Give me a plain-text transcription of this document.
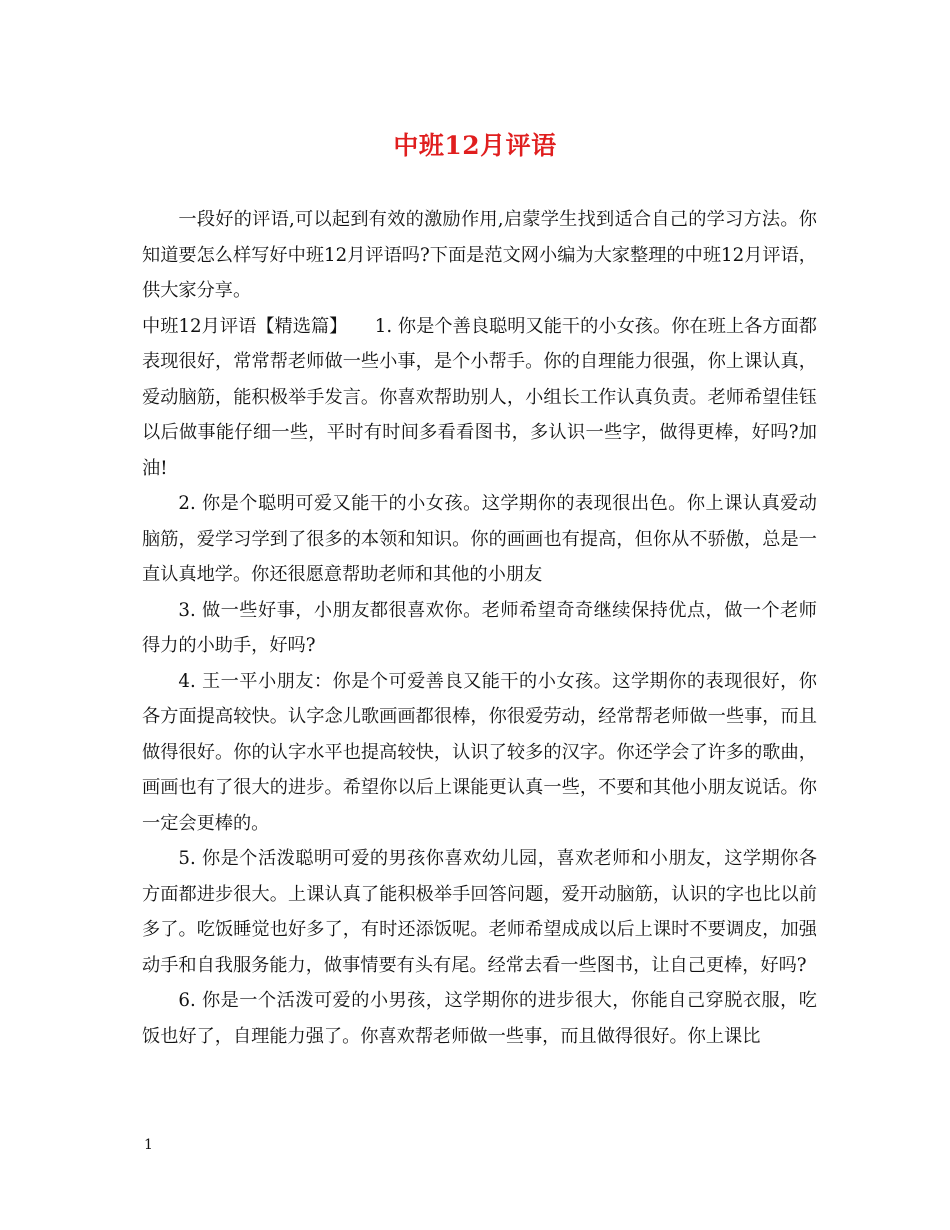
中班12月评语

一段好的评语,可以起到有效的激励作用,启蒙学生找到适合自己的学习方法。你知道要怎么样写好中班12月评语吗?下面是范文网小编为大家整理的中班12月评语，供大家分享。

中班12月评语【精选篇】　　1. 你是个善良聪明又能干的小女孩。你在班上各方面都表现很好，常常帮老师做一些小事，是个小帮手。你的自理能力很强，你上课认真，爱动脑筋，能积极举手发言。你喜欢帮助别人，小组长工作认真负责。老师希望佳钰以后做事能仔细一些，平时有时间多看看图书，多认识一些字，做得更棒，好吗?加油!

2. 你是个聪明可爱又能干的小女孩。这学期你的表现很出色。你上课认真爱动脑筋，爱学习学到了很多的本领和知识。你的画画也有提高，但你从不骄傲，总是一直认真地学。你还很愿意帮助老师和其他的小朋友

3. 做一些好事，小朋友都很喜欢你。老师希望奇奇继续保持优点，做一个老师得力的小助手，好吗?

4. 王一平小朋友：你是个可爱善良又能干的小女孩。这学期你的表现很好，你各方面提高较快。认字念儿歌画画都很棒，你很爱劳动，经常帮老师做一些事，而且做得很好。你的认字水平也提高较快，认识了较多的汉字。你还学会了许多的歌曲，画画也有了很大的进步。希望你以后上课能更认真一些，不要和其他小朋友说话。你一定会更棒的。

5. 你是个活泼聪明可爱的男孩你喜欢幼儿园，喜欢老师和小朋友，这学期你各方面都进步很大。上课认真了能积极举手回答问题，爱开动脑筋，认识的字也比以前多了。吃饭睡觉也好多了，有时还添饭呢。老师希望成成以后上课时不要调皮，加强动手和自我服务能力，做事情要有头有尾。经常去看一些图书，让自己更棒，好吗?

6. 你是一个活泼可爱的小男孩，这学期你的进步很大，你能自己穿脱衣服，吃饭也好了，自理能力强了。你喜欢帮老师做一些事，而且做得很好。你上课比

1
